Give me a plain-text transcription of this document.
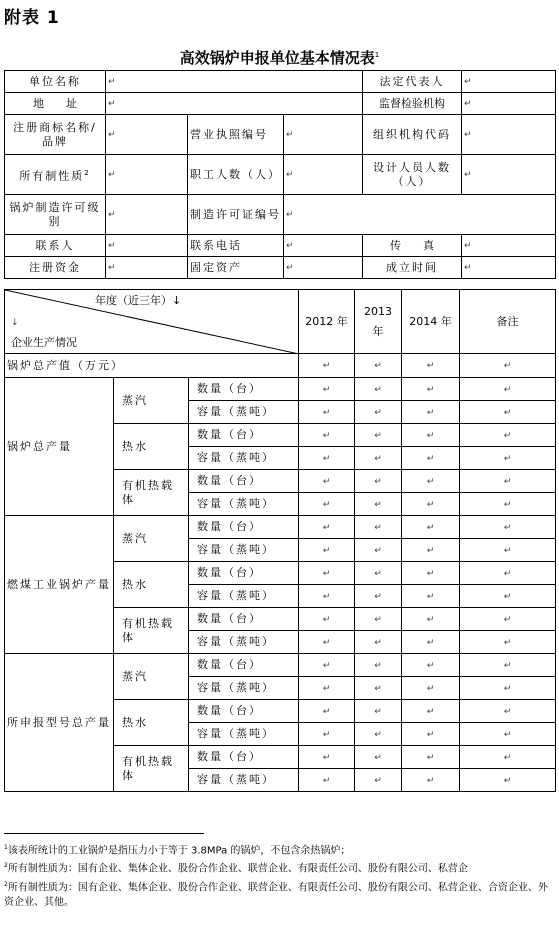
附表 1
高效锅炉申报单位基本情况表$^1$
单位名称	↵			法定代表人	↵
地　　址	↵			监督检验机构	↵
注册商标名称/品牌	↵	营业执照编号	↵	组织机构代码	↵
所有制性质$^2$	↵	职工人数（人）	↵	设计人员人数（人）	↵
锅炉制造许可级别	↵	制造许可证编号	↵		
联系人	↵	联系电话	↵	传　　真	↵
注册资金	↵	固定资产	↵	成立时间	↵
年度（近三年）↓
↓
企业生产情况			2012 年	2013 年	2014 年	备注
锅炉总产值（万元）			↵	↵	↵	↵
锅炉总产量	蒸汽	数量（台）	↵	↵	↵	↵
		容量（蒸吨）	↵	↵	↵	↵
	热水	数量（台）	↵	↵	↵	↵
		容量（蒸吨）	↵	↵	↵	↵
	有机热载体	数量（台）	↵	↵	↵	↵
		容量（蒸吨）	↵	↵	↵	↵
燃煤工业锅炉产量	蒸汽	数量（台）	↵	↵	↵	↵
		容量（蒸吨）	↵	↵	↵	↵
	热水	数量（台）	↵	↵	↵	↵
		容量（蒸吨）	↵	↵	↵	↵
	有机热载体	数量（台）	↵	↵	↵	↵
		容量（蒸吨）	↵	↵	↵	↵
所申报型号总产量	蒸汽	数量（台）	↵	↵	↵	↵
		容量（蒸吨）	↵	↵	↵	↵
	热水	数量（台）	↵	↵	↵	↵
		容量（蒸吨）	↵	↵	↵	↵
	有机热载体	数量（台）	↵	↵	↵	↵
		容量（蒸吨）	↵	↵	↵	↵
$^1$该表所统计的工业锅炉是指压力小于等于 3.8MPa 的锅炉，不包含余热锅炉；
$^2$所有制性质为：国有企业、集体企业、股份合作企业、联营企业、有限责任公司、股份有限公司、私营企
$^2$所有制性质为：国有企业、集体企业、股份合作企业、联营企业、有限责任公司、股份有限公司、私营企业、合资企业、外资企业、其他。
